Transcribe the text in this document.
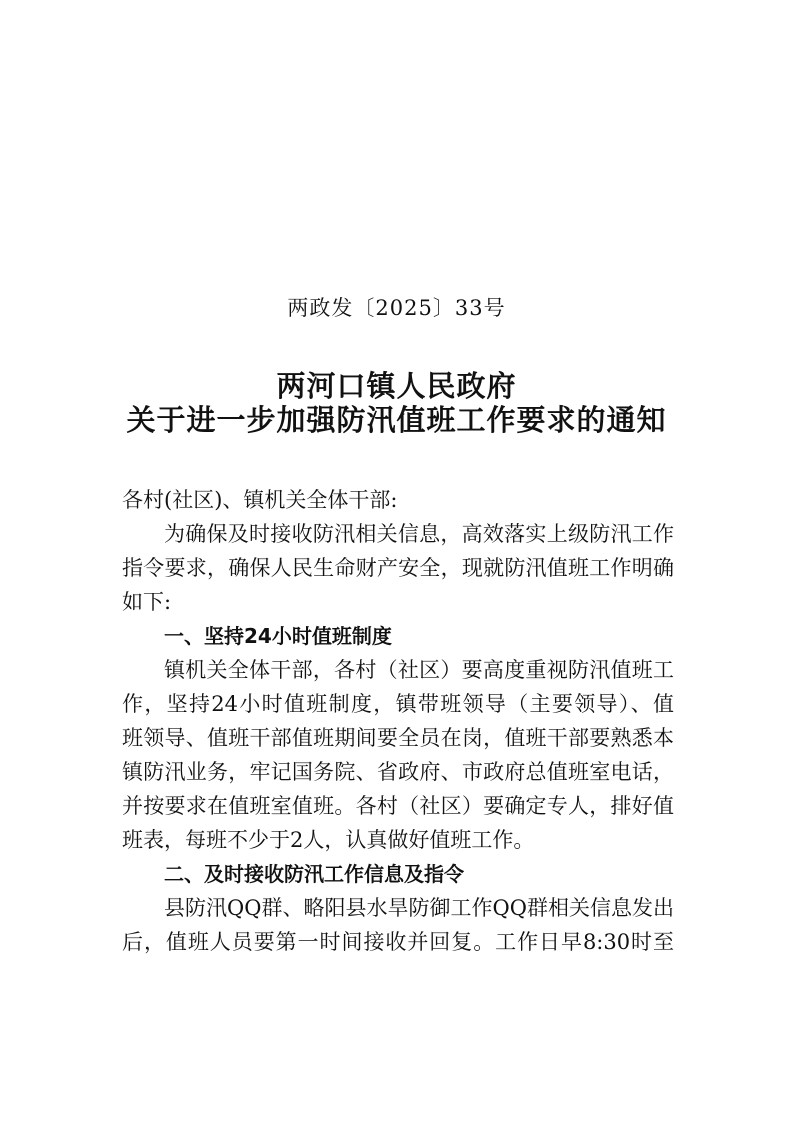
两政发〔2025〕33号
两河口镇人民政府
关于进一步加强防汛值班工作要求的通知
各村(社区)、镇机关全体干部:
为确保及时接收防汛相关信息，高效落实上级防汛工作
指令要求，确保人民生命财产安全，现就防汛值班工作明确
如下:
一、坚持24小时值班制度
镇机关全体干部，各村（社区）要高度重视防汛值班工
作，坚持24小时值班制度，镇带班领导（主要领导）、值
班领导、值班干部值班期间要全员在岗，值班干部要熟悉本
镇防汛业务，牢记国务院、省政府、市政府总值班室电话，
并按要求在值班室值班。各村（社区）要确定专人，排好值
班表，每班不少于2人，认真做好值班工作。
二、及时接收防汛工作信息及指令
县防汛QQ群、略阳县水旱防御工作QQ群相关信息发出
后，值班人员要第一时间接收并回复。工作日早8:30时至
